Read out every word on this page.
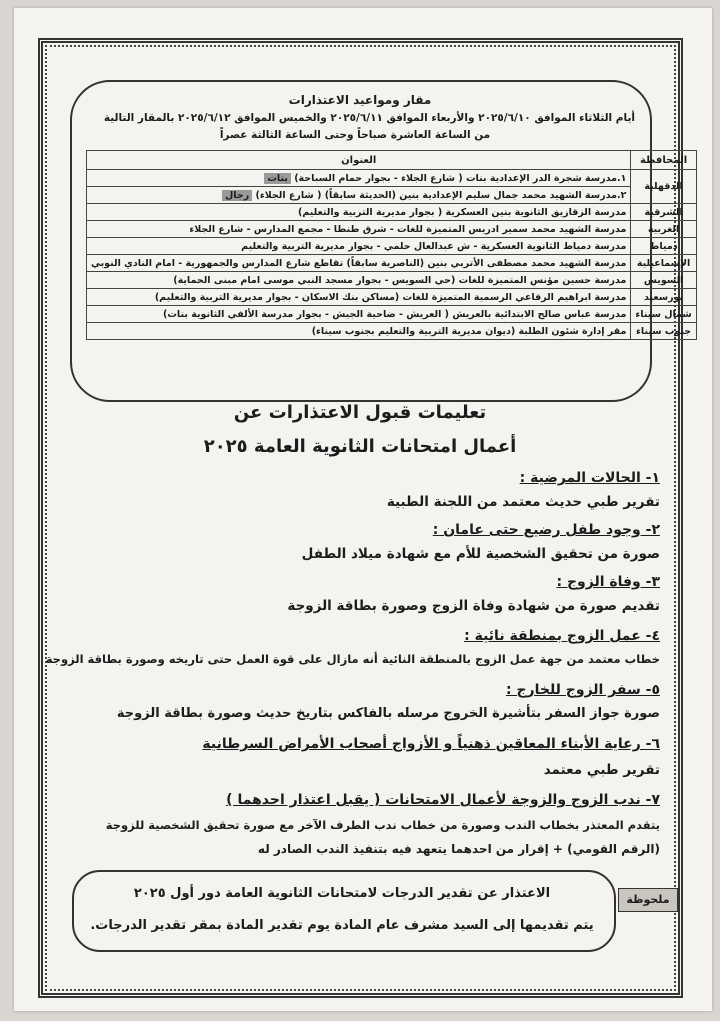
مقار ومواعيد الاعتذارات
أيام الثلاثاء الموافق ٢٠٢٥/٦/١٠ والأربعاء الموافق ٢٠٢٥/٦/١١ والخميس الموافق ٢٠٢٥/٦/١٢ بالمقار التالية
من الساعة العاشرة صباحاً وحتى الساعة الثالثة عصراً
المحافظة	العنوان
الدقهلية	١.مدرسة شجرة الدر الإعدادية بنات ( شارع الجلاء - بجوار حمام السباحة) بنات
	٢.مدرسة الشهيد محمد جمال سليم الإعدادية بنين (الحديثة سابقاً) ( شارع الجلاء) رجال
الشرقية	مدرسة الزقازيق الثانوية بنين العسكرية ( بجوار مديرية التربية والتعليم)
الغربية	مدرسة الشهيد محمد سمير ادريس المتميزة للغات - شرق طنطا - مجمع المدارس - شارع الجلاء
دمياط	مدرسة دمياط الثانوية العسكرية - ش عبدالعال حلمي - بجوار مديرية التربية والتعليم
الإسماعيلية	مدرسة الشهيد محمد مصطفى الأتربي بنين (الناصرية سابقاً) تقاطع شارع المدارس والجمهورية - امام النادي النوبي
السويس	مدرسة حسين مؤنس المتميزة للغات (حي السويس - بجوار مسجد النبي موسى امام مبنى الحماية)
بورسعيد	مدرسة ابراهيم الرفاعي الرسمية المتميزة للغات (مساكن بنك الاسكان - بجوار مديرية التربية والتعليم)
شمال سيناء	مدرسة عباس صالح الابتدائية بالعريش ( العريش - ضاحية الجيش - بجوار مدرسة الألفي الثانوية بنات)
جنوب سيناء	مقر إدارة شئون الطلبة (ديوان مديرية التربية والتعليم بجنوب سيناء)
تعليمات قبول الاعتذارات عن
أعمال امتحانات الثانوية العامة ٢٠٢٥
١- الحالات المرضية :
تقرير طبي حديث معتمد من اللجنة الطبية
٢- وجود طفل رضيع حتى عامان :
صورة من تحقيق الشخصية للأم مع شهادة ميلاد الطفل
٣- وفاة الزوج :
تقديم صورة من شهادة وفاة الزوج وصورة بطاقة الزوجة
٤- عمل الزوج بمنطقة نائية :
خطاب معتمد من جهة عمل الزوج بالمنطقة النائية أنه مازال على قوة العمل حتى تاريخه وصورة بطاقة الزوجة
٥- سفر الزوج للخارج :
صورة جواز السفر بتأشيرة الخروج مرسله بالفاكس بتاريخ حديث وصورة بطاقة الزوجة
٦- رعاية الأبناء المعاقين ذهنياً و الأزواج أصحاب الأمراض السرطانية
تقرير طبي معتمد
٧- ندب الزوج والزوجة لأعمال الامتحانات ( يقبل اعتذار احدهما )
يتقدم المعتذر بخطاب الندب وصورة من خطاب ندب الطرف الآخر مع صورة تحقيق الشخصية للزوجة
(الرقم القومي) + إقرار من احدهما يتعهد فيه بتنفيذ الندب الصادر له
الاعتذار عن تقدير الدرجات لامتحانات الثانوية العامة دور أول ٢٠٢٥
يتم تقديمها إلى السيد مشرف عام المادة يوم تقدير المادة بمقر تقدير الدرجات.
ملحوظة
